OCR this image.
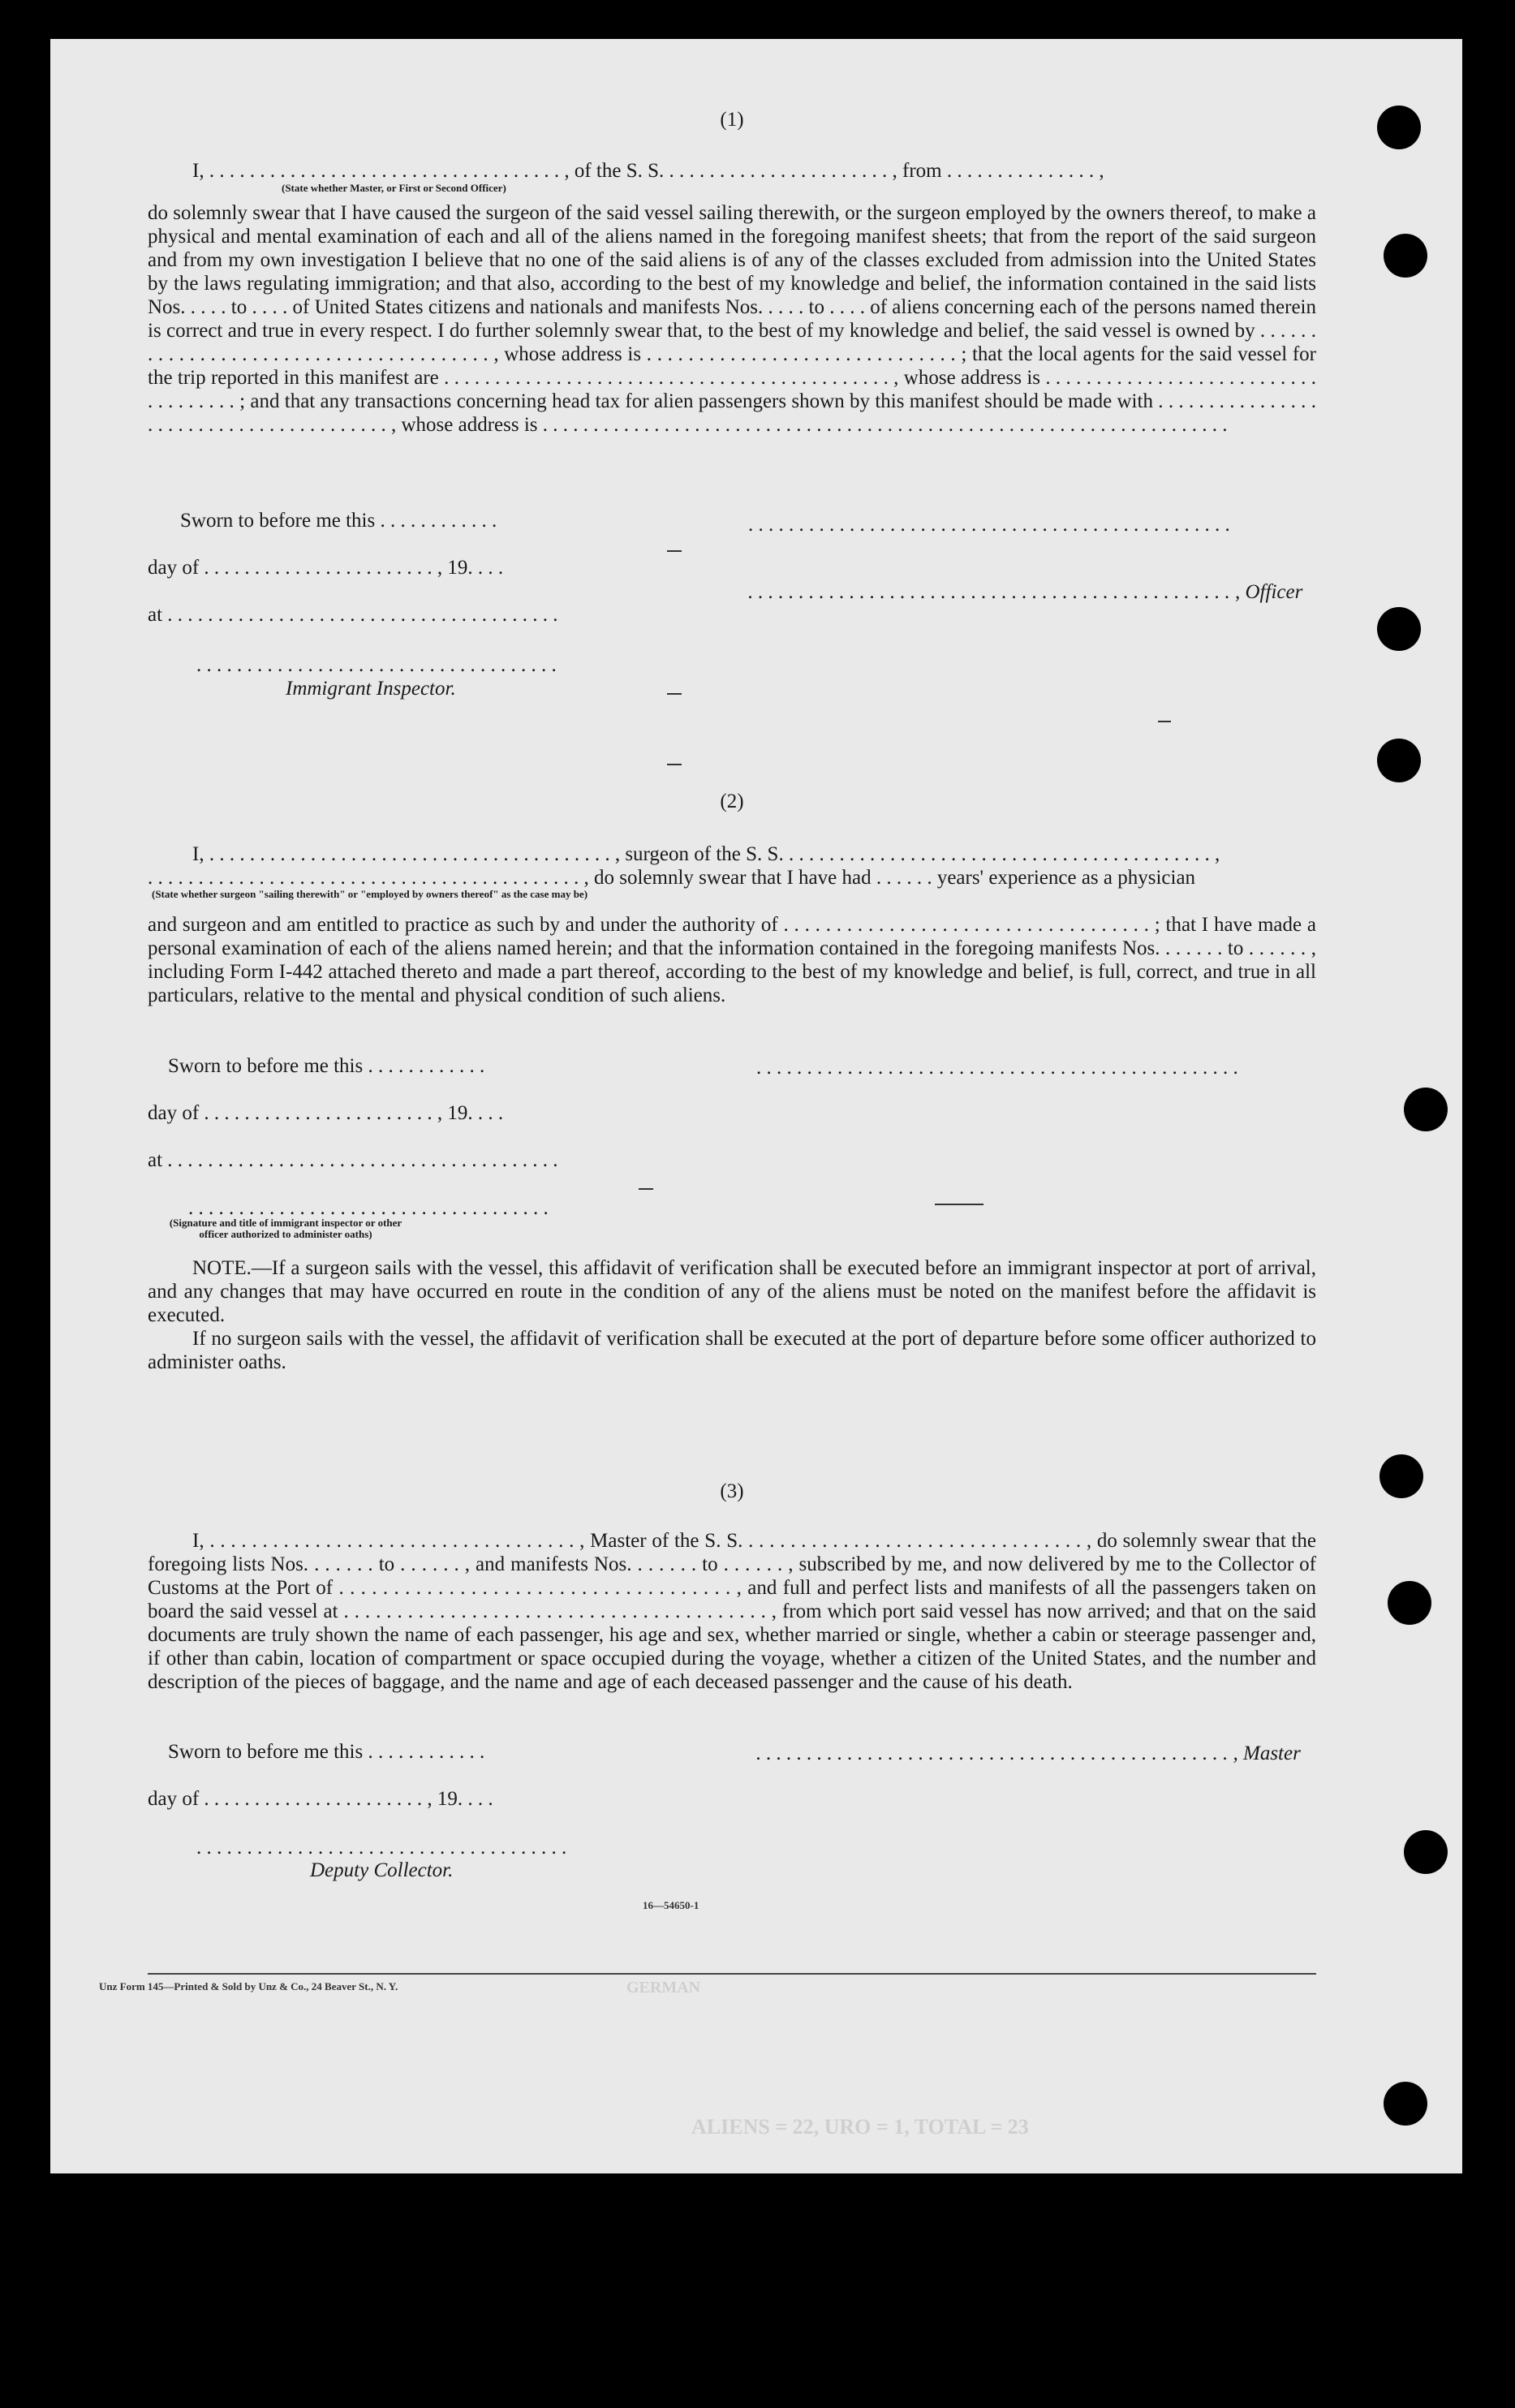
(1)
I, . . . . . . . . . . . . . . . . . . . . . . . . . . . . . . . . . . . , of the S. S. . . . . . . . . . . . . . . . . . . . . . . , from . . . . . . . . . . . . . . . ,
(State whether Master, or First or Second Officer)
do solemnly swear that I have caused the surgeon of the said vessel sailing therewith, or the surgeon employed by the owners thereof, to make a physical and mental examination of each and all of the aliens named in the foregoing manifest sheets; that from the report of the said surgeon and from my own investigation I believe that no one of the said aliens is of any of the classes excluded from admission into the United States by the laws regulating immigration; and that also, according to the best of my knowledge and belief, the information contained in the said lists Nos. . . . . to . . . . of United States citizens and nationals and manifests Nos. . . . . to . . . . of aliens concerning each of the persons named therein is correct and true in every respect. I do further solemnly swear that, to the best of my knowledge and belief, the said vessel is owned by . . . . . . . . . . . . . . . . . . . . . . . . . . . . . . . . . . . . . . . , whose address is . . . . . . . . . . . . . . . . . . . . . . . . . . . . . . ; that the local agents for the said vessel for the trip reported in this manifest are . . . . . . . . . . . . . . . . . . . . . . . . . . . . . . . . . . . . . . . . . . . . , whose address is . . . . . . . . . . . . . . . . . . . . . . . . . . . . . . . . . . . . ; and that any transactions concerning head tax for alien passengers shown by this manifest should be made with . . . . . . . . . . . . . . . . . . . . . . . . . . . . . . . . . . . . . . . . , whose address is . . . . . . . . . . . . . . . . . . . . . . . . . . . . . . . . . . . . . . . . . . . . . . . . . . . . . . . . . . . . . . . . . . . .
Sworn to before me this . . . . . . . . . . . .	. . . . . . . . . . . . . . . . . . . . . . . . . . . . . . . . . . . . . . . . . . . . . . . .
day of . . . . . . . . . . . . . . . . . . . . . . . , 19. . . .
. . . . . . . . . . . . . . . . . . . . . . . . . . . . . . . . . . . . . . . . . . . . . . . . , Officer
at . . . . . . . . . . . . . . . . . . . . . . . . . . . . . . . . . . . . . . .
. . . . . . . . . . . . . . . . . . . . . . . . . . . . . . . . . . . .
Immigrant Inspector.
(2)
I, . . . . . . . . . . . . . . . . . . . . . . . . . . . . . . . . . . . . . . . . , surgeon of the S. S. . . . . . . . . . . . . . . . . . . . . . . . . . . . . . . . . . . . . . . . . . . ,
. . . . . . . . . . . . . . . . . . . . . . . . . . . . . . . . . . . . . . . . . . . , do solemnly swear that I have had . . . . . . years' experience as a physician
(State whether surgeon "sailing therewith" or "employed by owners thereof" as the case may be)
and surgeon and am entitled to practice as such by and under the authority of . . . . . . . . . . . . . . . . . . . . . . . . . . . . . . . . . . . ; that I have made a personal examination of each of the aliens named herein; and that the information contained in the foregoing manifests Nos. . . . . . . to . . . . . . , including Form I-442 attached thereto and made a part thereof, according to the best of my knowledge and belief, is full, correct, and true in all particulars, relative to the mental and physical condition of such aliens.
Sworn to before me this . . . . . . . . . . . .	. . . . . . . . . . . . . . . . . . . . . . . . . . . . . . . . . . . . . . . . . . . . . . . .
day of . . . . . . . . . . . . . . . . . . . . . . . , 19. . . .
at . . . . . . . . . . . . . . . . . . . . . . . . . . . . . . . . . . . . . . .
. . . . . . . . . . . . . . . . . . . . . . . . . . . . . . . . . . . .
(Signature and title of immigrant inspector or other officer authorized to administer oaths)

NOTE.—If a surgeon sails with the vessel, this affidavit of verification shall be executed before an immigrant inspector at port of arrival, and any changes that may have occurred en route in the condition of any of the aliens must be noted on the manifest before the affidavit is executed.

If no surgeon sails with the vessel, the affidavit of verification shall be executed at the port of departure before some officer authorized to administer oaths.

(3)

I, . . . . . . . . . . . . . . . . . . . . . . . . . . . . . . . . . . . , Master of the S. S. . . . . . . . . . . . . . . . . . . . . . . . . . . . . . . . . , do solemnly swear that the foregoing lists Nos. . . . . . . to . . . . . . , and manifests Nos. . . . . . . to . . . . . . , subscribed by me, and now delivered by me to the Collector of Customs at the Port of . . . . . . . . . . . . . . . . . . . . . . . . . . . . . . . . . . . . , and full and perfect lists and manifests of all the passengers taken on board the said vessel at . . . . . . . . . . . . . . . . . . . . . . . . . . . . . . . . . . . . . . . . , from which port said vessel has now arrived; and that on the said documents are truly shown the name of each passenger, his age and sex, whether married or single, whether a cabin or steerage passenger and, if other than cabin, location of compartment or space occupied during the voyage, whether a citizen of the United States, and the number and description of the pieces of baggage, and the name and age of each deceased passenger and the cause of his death.

Sworn to before me this . . . . . . . . . . . .	. . . . . . . . . . . . . . . . . . . . . . . . . . . . . . . . . . . . . . . . . . . . . . . , Master
day of . . . . . . . . . . . . . . . . . . . . . . , 19. . . .
. . . . . . . . . . . . . . . . . . . . . . . . . . . . . . . . . . . . .
Deputy Collector.
16—54650-1
Unz Form 145—Printed & Sold by Unz & Co., 24 Beaver St., N. Y.	GERMAN
ALIENS = 22, URO = 1, TOTAL = 23
